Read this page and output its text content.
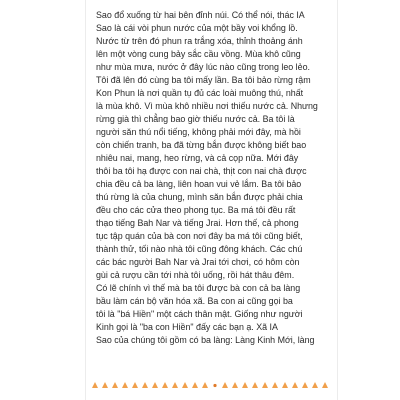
Sao đổ xuống từ hai bên đỉnh núi. Có thể nói, thác IA
Sao là cái vòi phun nước của một bầy voi khổng lồ.
Nước từ trên đó phun ra trắng xóa, thỉnh thoảng ánh
lên một vòng cung bảy sắc cầu vồng. Mùa khô cũng
như mùa mưa, nước ở đây lúc nào cũng trong leo lẻo.
Tôi đã lên đó cùng ba tôi mấy lần. Ba tôi bảo rừng rậm
Kon Phun là nơi quần tụ đủ các loài muông thú, nhất
là mùa khô. Vì mùa khô nhiều nơi thiếu nước cả. Nhưng
rừng già thì chẳng bao giờ thiếu nước cả. Ba tôi là
người săn thú nổi tiếng, không phải mới đây, mà hồi
còn chiến tranh, ba đã từng bắn được không biết bao
nhiêu nai, mang, heo rừng, và cả cọp nữa. Mới đây
thôi ba tôi hạ được con nai chà, thịt con nai chà được
chia đều cả ba làng, liên hoan vui vẻ lắm. Ba tôi bảo
thú rừng là của chung, mình săn bắn được phải chia
đều cho các cửa theo phong tục. Ba má tôi đều rất
thạo tiếng Bah Nar và tiếng Jrai. Hơn thế, cả phong
tục tập quán của bà con nơi đây ba má tôi cũng biết,
thành thử, tối nào nhà tôi cũng đông khách. Các chú
các bác người Bah Nar và Jrai tới chơi, có hôm còn
gùi cả rượu cần tới nhà tôi uống, rồi hát thâu đêm.
Có lẽ chính vì thế mà ba tôi được bà con cả ba làng
bầu làm cán bộ văn hóa xã. Ba con ai cũng gọi ba
tôi là "bá Hiền" một cách thân mật. Giống như người
Kinh gọi là "ba con Hiền" đấy các bạn ạ. Xã IA
Sao của chúng tôi gồm có ba làng: Làng Kinh Mới, làng
